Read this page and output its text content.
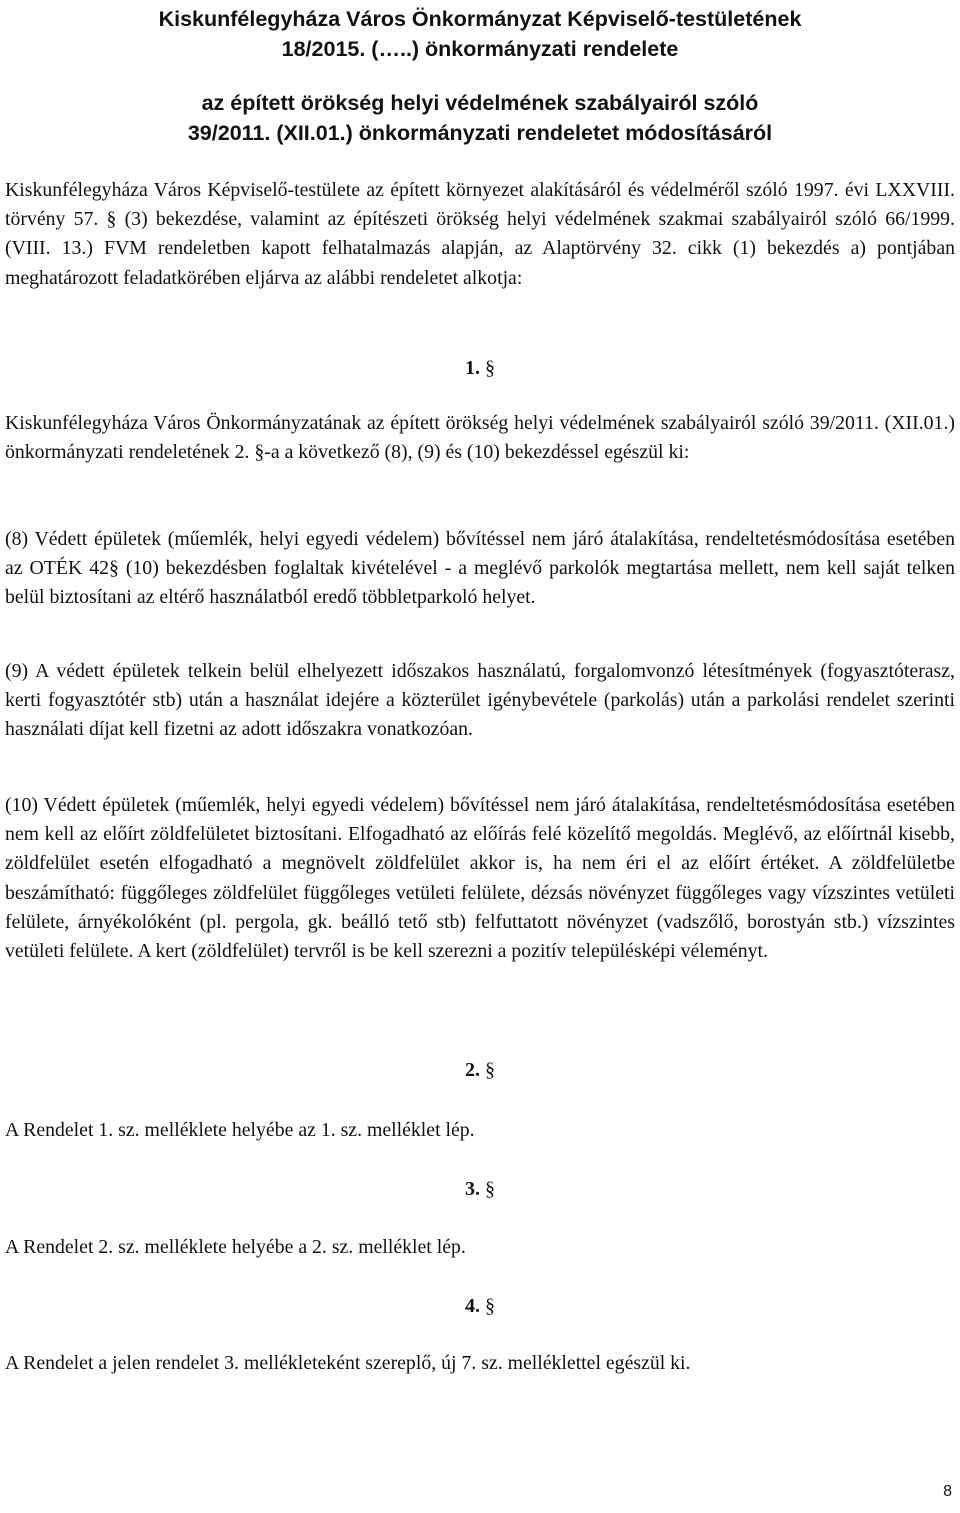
Kiskunfélegyháza Város Önkormányzat Képviselő-testületének
18/2015. (…..) önkormányzati rendelete
az épített örökség helyi védelmének szabályairól szóló
39/2011. (XII.01.) önkormányzati rendeletet módosításáról
Kiskunfélegyháza Város Képviselő-testülete az épített környezet alakításáról és védelméről szóló 1997. évi LXXVIII. törvény 57. § (3) bekezdése, valamint az építészeti örökség helyi védelmének szakmai szabályairól szóló 66/1999. (VIII. 13.) FVM rendeletben kapott felhatalmazás alapján, az Alaptörvény 32. cikk (1) bekezdés a) pontjában meghatározott feladatkörében eljárva az alábbi rendeletet alkotja:
1. §
Kiskunfélegyháza Város Önkormányzatának az épített örökség helyi védelmének szabályairól szóló 39/2011. (XII.01.) önkormányzati rendeletének 2. §-a a következő (8), (9) és (10) bekezdéssel egészül ki:
(8) Védett épületek (műemlék, helyi egyedi védelem) bővítéssel nem járó átalakítása, rendeltetésmódosítása esetében az OTÉK 42§ (10) bekezdésben foglaltak kivételével - a meglévő parkolók megtartása mellett, nem kell saját telken belül biztosítani az eltérő használatból eredő többletparkoló helyet.
(9) A védett épületek telkein belül elhelyezett időszakos használatú, forgalomvonzó létesítmények (fogyasztóterasz, kerti fogyasztótér stb) után a használat idejére a közterület igénybevétele (parkolás) után a parkolási rendelet szerinti használati díjat kell fizetni az adott időszakra vonatkozóan.
(10) Védett épületek (műemlék, helyi egyedi védelem) bővítéssel nem járó átalakítása, rendeltetésmódosítása esetében nem kell az előírt zöldfelületet biztosítani. Elfogadható az előírás felé közelítő megoldás. Meglévő, az előírtnál kisebb, zöldfelület esetén elfogadható a megnövelt zöldfelület akkor is, ha nem éri el az előírt értéket. A zöldfelületbe beszámítható: függőleges zöldfelület függőleges vetületi felülete, dézsás növényzet függőleges vagy vízszintes vetületi felülete, árnyékolóként (pl. pergola, gk. beálló tető stb) felfuttatott növényzet (vadszőlő, borostyán stb.) vízszintes vetületi felülete. A kert (zöldfelület) tervről is be kell szerezni a pozitív településképi véleményt.
2. §
A Rendelet 1. sz. melléklete helyébe az 1. sz. melléklet lép.
3. §
A Rendelet 2. sz. melléklete helyébe a 2. sz. melléklet lép.
4. §
A Rendelet a jelen rendelet 3. mellékleteként szereplő, új 7. sz. melléklettel egészül ki.
8
